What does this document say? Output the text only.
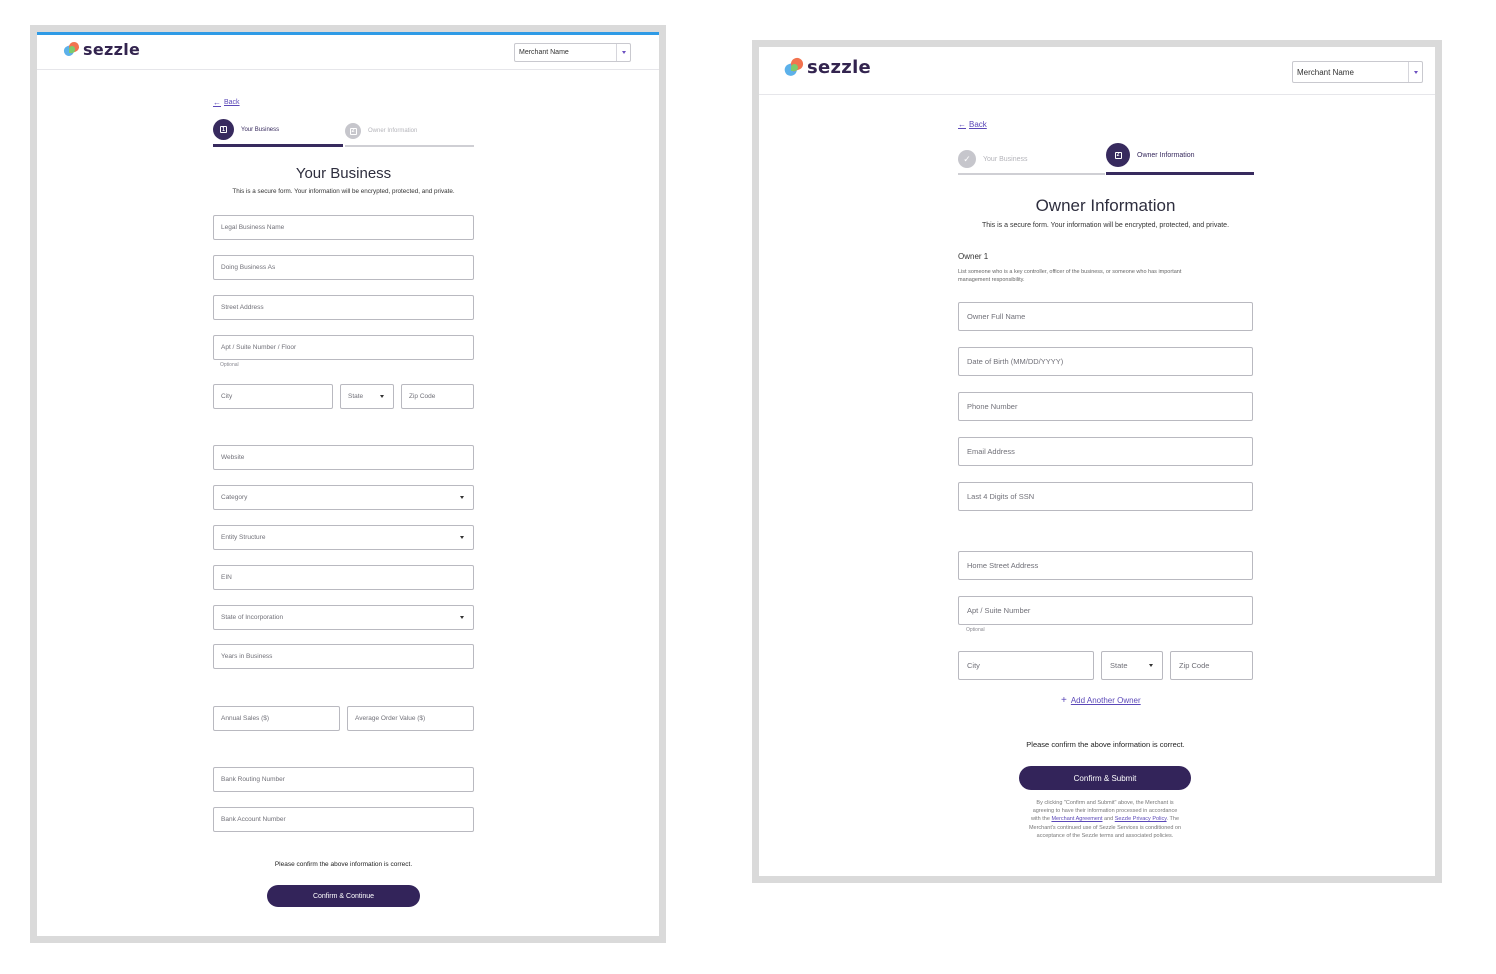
sezzle	Merchant Name
← Back
1	Your Business	2	Owner Information
Your Business
This is a secure form. Your information will be encrypted, protected, and private.
Legal Business Name
Doing Business As
Street Address
Apt / Suite Number / Floor
Optional
City	State	Zip Code
Website
Category
Entity Structure
EIN
State of Incorporation
Years in Business
Annual Sales ($)	Average Order Value ($)
Bank Routing Number
Bank Account Number
Please confirm the above information is correct.
Confirm & Continue
sezzle	Merchant Name
← Back
✓	Your Business
2	Owner Information
Owner Information
This is a secure form. Your information will be encrypted, protected, and private.
Owner 1
List someone who is a key controller, officer of the business, or someone who has important
management responsibility.
Owner Full Name
Date of Birth (MM/DD/YYYY)
Phone Number
Email Address
Last 4 Digits of SSN
Home Street Address
Apt / Suite Number
Optional
City	State	Zip Code
+ Add Another Owner
Please confirm the above information is correct.
Confirm & Submit
By clicking "Confirm and Submit" above, the Merchant is
agreeing to have their information processed in accordance
with the Merchant Agreement and Sezzle Privacy Policy. The
Merchant's continued use of Sezzle Services is conditioned on
acceptance of the Sezzle terms and associated policies.
